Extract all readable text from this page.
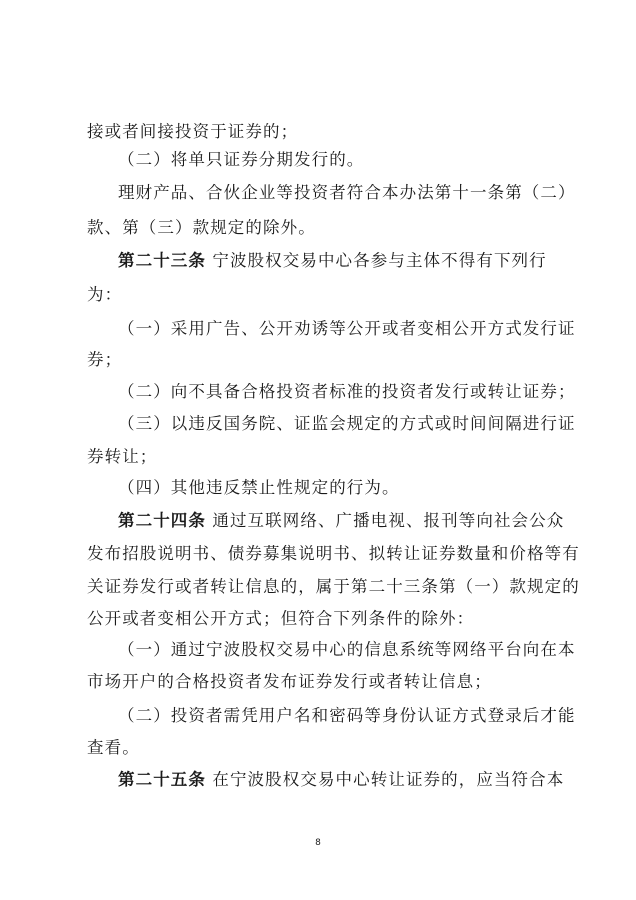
接或者间接投资于证券的；
（二）将单只证券分期发行的。
理财产品、合伙企业等投资者符合本办法第十一条第（二）
款、第（三）款规定的除外。
第二十三条 宁波股权交易中心各参与主体不得有下列行
为：
（一）采用广告、公开劝诱等公开或者变相公开方式发行证
券；
（二）向不具备合格投资者标准的投资者发行或转让证券；
（三）以违反国务院、证监会规定的方式或时间间隔进行证
券转让；
（四）其他违反禁止性规定的行为。
第二十四条 通过互联网络、广播电视、报刊等向社会公众
发布招股说明书、债券募集说明书、拟转让证券数量和价格等有
关证券发行或者转让信息的，属于第二十三条第（一）款规定的
公开或者变相公开方式；但符合下列条件的除外：
（一）通过宁波股权交易中心的信息系统等网络平台向在本
市场开户的合格投资者发布证券发行或者转让信息；
（二）投资者需凭用户名和密码等身份认证方式登录后才能
查看。
第二十五条 在宁波股权交易中心转让证券的，应当符合本
8
